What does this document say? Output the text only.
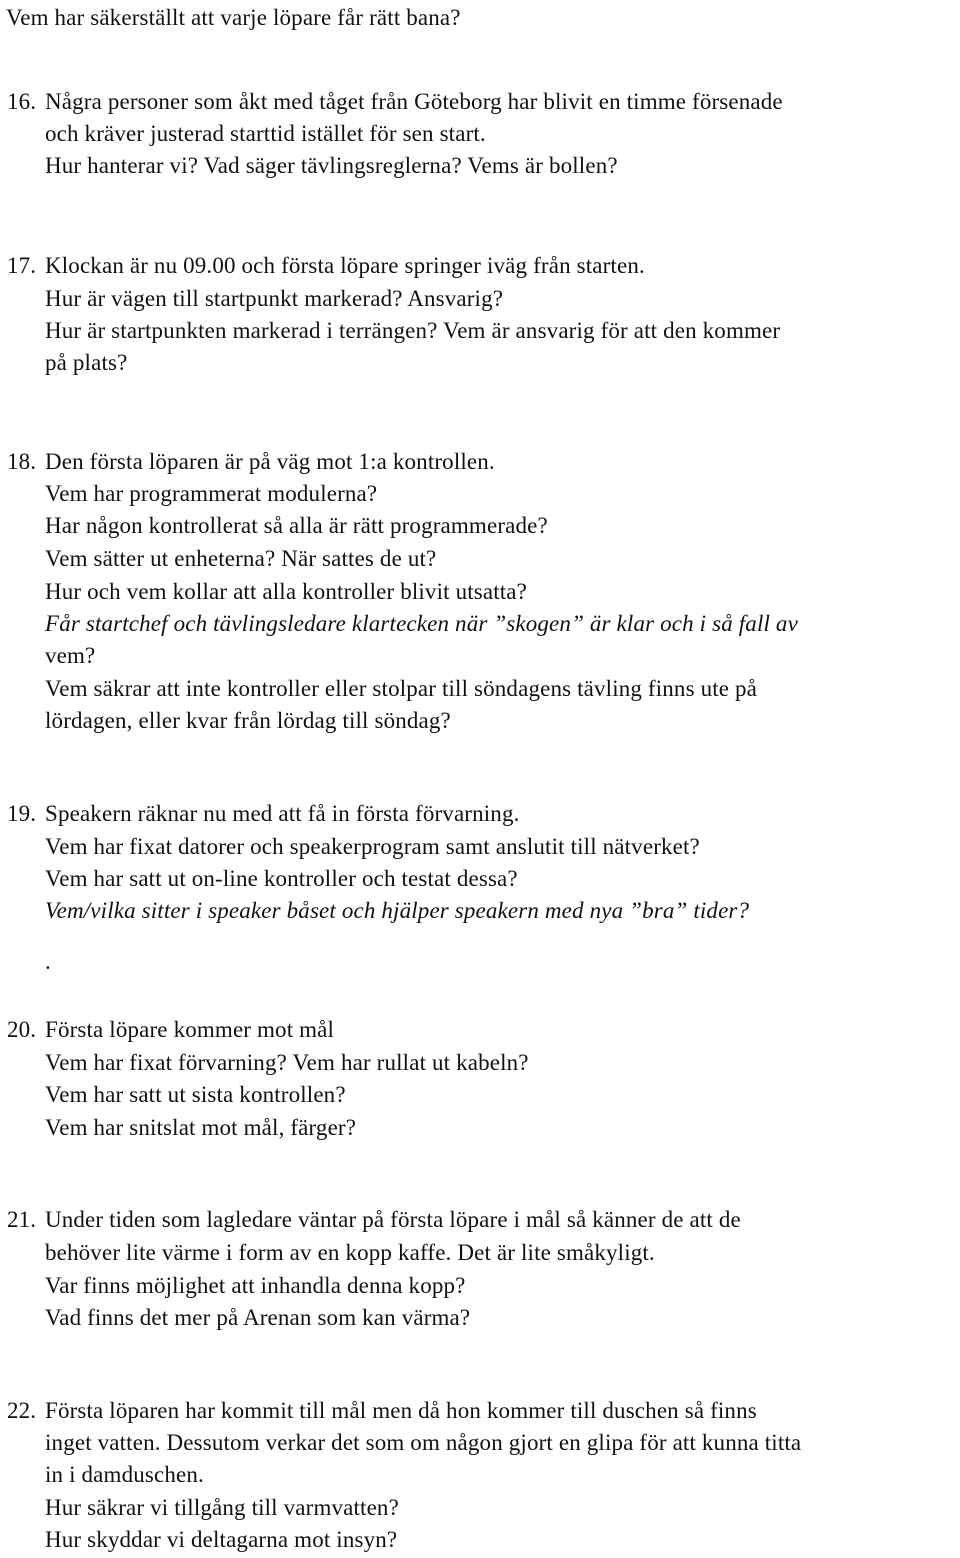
Vem har säkerställt att varje löpare får rätt bana?
16. Några personer som åkt med tåget från Göteborg har blivit en timme försenade
och kräver justerad starttid istället för sen start.
Hur hanterar vi? Vad säger tävlingsreglerna? Vems är bollen?
17. Klockan är nu 09.00 och första löpare springer iväg från starten.
Hur är vägen till startpunkt markerad? Ansvarig?
Hur är startpunkten markerad i terrängen? Vem är ansvarig för att den kommer
på plats?
18. Den första löparen är på väg mot 1:a kontrollen.
Vem har programmerat modulerna?
Har någon kontrollerat så alla är rätt programmerade?
Vem sätter ut enheterna? När sattes de ut?
Hur och vem kollar att alla kontroller blivit utsatta?
Får startchef och tävlingsledare klartecken när ”skogen” är klar och i så fall av
vem?
Vem säkrar att inte kontroller eller stolpar till söndagens tävling finns ute på
lördagen, eller kvar från lördag till söndag?
19. Speakern räknar nu med att få in första förvarning.
Vem har fixat datorer och speakerprogram samt anslutit till nätverket?
Vem har satt ut on-line kontroller och testat dessa?
Vem/vilka sitter i speaker båset och hjälper speakern med nya ”bra” tider?
.
20. Första löpare kommer mot mål
Vem har fixat förvarning? Vem har rullat ut kabeln?
Vem har satt ut sista kontrollen?
Vem har snitslat mot mål, färger?
21. Under tiden som lagledare väntar på första löpare i mål så känner de att de
behöver lite värme i form av en kopp kaffe. Det är lite småkyligt.
Var finns möjlighet att inhandla denna kopp?
Vad finns det mer på Arenan som kan värma?
22. Första löparen har kommit till mål men då hon kommer till duschen så finns
inget vatten. Dessutom verkar det som om någon gjort en glipa för att kunna titta
in i damduschen.
Hur säkrar vi tillgång till varmvatten?
Hur skyddar vi deltagarna mot insyn?
